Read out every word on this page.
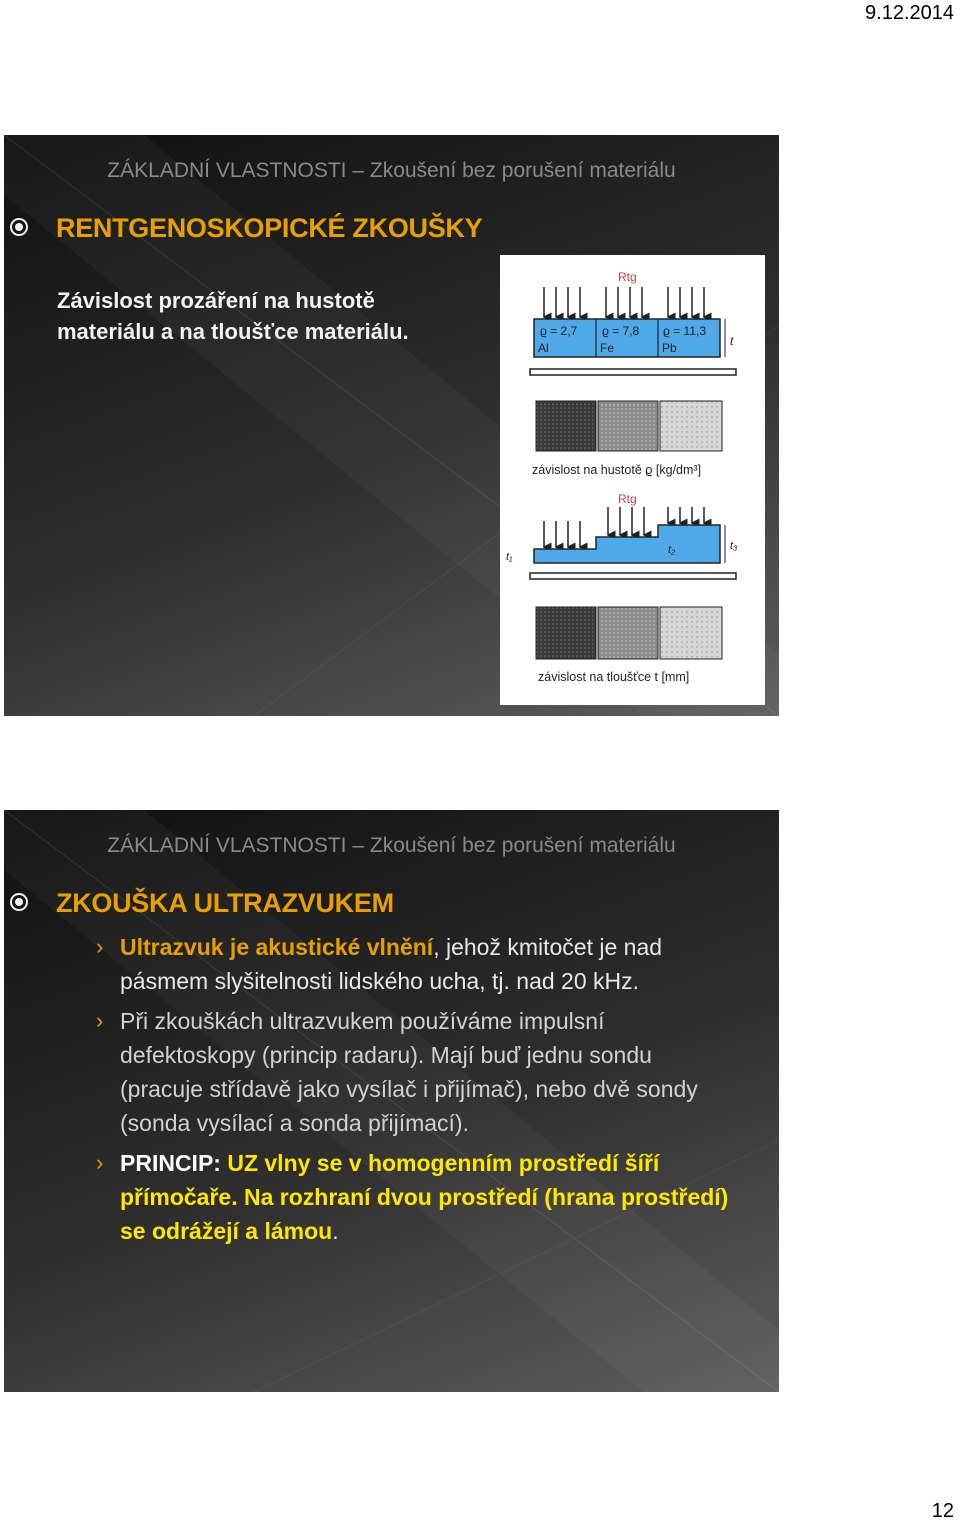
9.12.2014
ZÁKLADNÍ VLASTNOSTI – Zkoušení bez porušení materiálu
RENTGENOSKOPICKÉ ZKOUŠKY
Závislost prozáření na hustotě
materiálu a na tloušťce materiálu.
Rtg
ϱ = 2,7
Al
ϱ = 7,8
Fe
ϱ = 11,3
Pb	t
závislost na hustotě ϱ [kg/dm³]
Rtg
t₁
t₂	t₃
závislost na tloušťce t [mm]
ZÁKLADNÍ VLASTNOSTI – Zkoušení bez porušení materiálu
ZKOUŠKA ULTRAZVUKEM
› Ultrazvuk je akustické vlnění, jehož kmitočet je nad pásmem slyšitelnosti lidského ucha, tj. nad 20 kHz.
› Při zkouškách ultrazvukem používáme impulsní defektoskopy (princip radaru). Mají buď jednu sondu (pracuje střídavě jako vysílač i přijímač), nebo dvě sondy (sonda vysílací a sonda přijímací).
› PRINCIP: UZ vlny se v homogenním prostředí šíří přímočaře. Na rozhraní dvou prostředí (hrana prostředí) se odrážejí a lámou.
12
